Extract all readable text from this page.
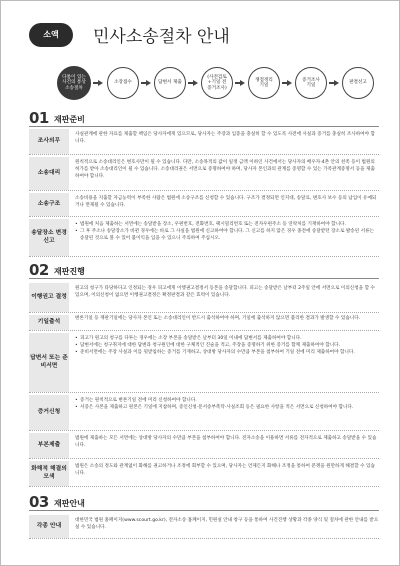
소액	민사소송절차 안내
다툼이 있는 사건의 통상 소송절차
소장접수	답변서 제출
(사전검토+기일 전 증거조사)
쟁점정리 기일
증거조사 기일
판결선고
01 재판준비
조사의무
사실관계에 관한 자료를 제출할 책임은 당사자에게 있으므로, 당사자는 주장과 입증을 충실히 할 수 있도록 사전에 사실과 증거를 충실히 조사하여야 합니다.
소송대리
원칙적으로 소송대리인은 변호사만이 될 수 있습니다. 다만, 소송목적의 값이 일정 금액 이하인 사건에서는 당사자의 배우자·4촌 안의 친족 등이 법원의 허가를 받아 소송대리인이 될 수 있습니다. 소송대리권은 서면으로 증명하여야 하며, 당사자 본인과의 관계를 증명할 수 있는 가족관계증명서 등을 제출하여야 합니다.
소송구조
소송비용을 지출할 자금능력이 부족한 사람은 법원에 소송구조를 신청할 수 있습니다. 구조가 결정되면 인지대, 송달료, 변호사 보수 등의 납입이 유예되거나 면제될 수 있습니다.
송달장소 변경신고
• 법원에 처음 제출하는 서면에는 송달받을 장소, 우편번호, 전화번호, 팩시밀리번호 또는 전자우편주소 등 연락처를 기재하여야 합니다.
• 그 후 주소나 송달장소가 바뀐 경우에는 바로 그 사실을 법원에 신고하여야 합니다. 그 신고를 하지 않은 경우 종전에 송달받던 장소로 발송된 서류는 송달된 것으로 볼 수 있어 불이익을 입을 수 있으니 주의하여 주십시오.
02 재판진행
이행권고 결정
원고의 청구가 타당하다고 인정되는 경우 피고에게 이행권고결정서 등본을 송달합니다. 피고는 송달받은 날부터 2주일 안에 서면으로 이의신청을 할 수 있으며, 이의신청이 없으면 이행권고결정은 확정판결과 같은 효력이 있습니다.
기일출석
변론기일 등 재판기일에는 당사자 본인 또는 소송대리인이 반드시 출석하여야 하며, 기일에 출석하지 않으면 불리한 결과가 발생할 수 있습니다.
답변서 또는 준비서면
• 피고가 원고의 청구를 다투는 경우에는 소장 부본을 송달받은 날부터 30일 이내에 답변서를 제출하여야 합니다.
• 답변서에는 청구취지에 대한 답변과 청구원인에 대한 구체적인 진술을 적고, 주장을 증명하기 위한 증거를 함께 제출하여야 합니다.
• 준비서면에는 주장 사실과 이를 뒷받침하는 증거를 기재하고, 상대방 당사자의 수만큼 부본을 첨부하여 기일 전에 미리 제출하여야 합니다.
증거신청
• 증거는 원칙적으로 변론기일 전에 미리 신청하여야 합니다.
• 서증은 사본을 제출하고 원본은 기일에 지참하며, 증인신청·문서송부촉탁·사실조회 등은 필요한 사항을 적은 서면으로 신청하여야 합니다.
부본제출
법원에 제출하는 모든 서면에는 상대방 당사자의 수만큼 부본을 첨부하여야 합니다. 전자소송을 이용하면 서류를 전자적으로 제출하고 송달받을 수 있습니다.
화해적 해결의 모색
법원은 소송의 정도와 관계없이 화해를 권고하거나 조정에 회부할 수 있으며, 당사자는 언제든지 화해나 조정을 통하여 분쟁을 원만하게 해결할 수 있습니다.
03 재판안내
각종 안내
대한민국 법원 홈페이지(www.scourt.go.kr), 전자소송 홈페이지, 민원실 안내 창구 등을 통하여 사건진행 상황과 각종 양식 및 절차에 관한 안내를 받으실 수 있습니다.
